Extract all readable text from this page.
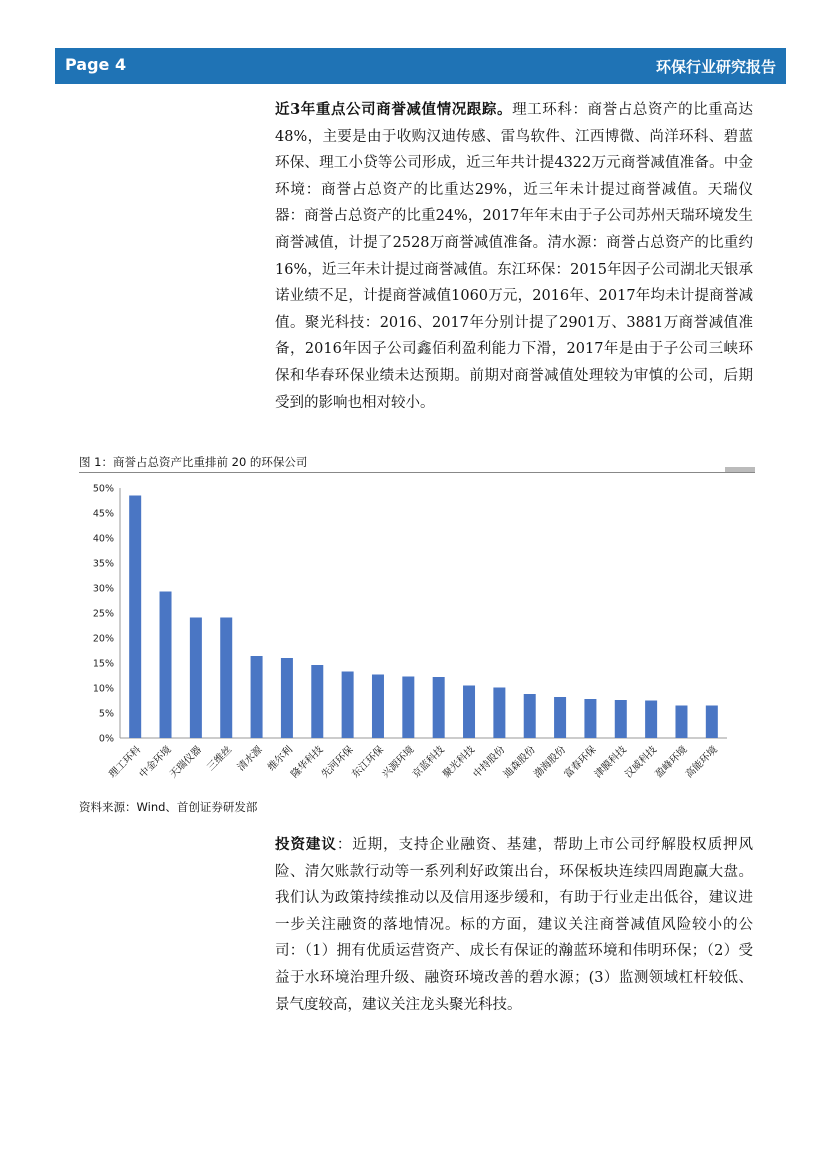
Page 4	环保行业研究报告
近3年重点公司商誉减值情况跟踪。理工环科：商誉占总资产的比重高达48%，主要是由于收购汉迪传感、雷鸟软件、江西博微、尚洋环科、碧蓝环保、理工小贷等公司形成，近三年共计提4322万元商誉减值准备。中金环境：商誉占总资产的比重达29%，近三年未计提过商誉减值。天瑞仪器：商誉占总资产的比重24%，2017年年末由于子公司苏州天瑞环境发生商誉减值，计提了2528万商誉减值准备。清水源：商誉占总资产的比重约16%，近三年未计提过商誉减值。东江环保：2015年因子公司湖北天银承诺业绩不足，计提商誉减值1060万元，2016年、2017年均未计提商誉减值。聚光科技：2016、2017年分别计提了2901万、3881万商誉减值准备，2016年因子公司鑫佰利盈利能力下滑，2017年是由于子公司三峡环保和华春环保业绩未达预期。前期对商誉减值处理较为审慎的公司，后期受到的影响也相对较小。
图 1：商誉占总资产比重排前 20 的环保公司
0%
5%
10%
15%
20%
25%
30%
35%
40%
45%
50%
理工环科
中金环境
天瑞仪器 三维丝 清水源 维尔利
隆华科技
先河环保
东江环保
兴源环境
京蓝科技
聚光科技
中持股份
迪森股份
渤海股份
富春环保
津膜科技
汉威科技
盈峰环境
高能环境
资料来源：Wind、首创证券研发部
投资建议：近期，支持企业融资、基建，帮助上市公司纾解股权质押风险、清欠账款行动等一系列利好政策出台，环保板块连续四周跑赢大盘。我们认为政策持续推动以及信用逐步缓和，有助于行业走出低谷，建议进一步关注融资的落地情况。标的方面，建议关注商誉减值风险较小的公司：（1）拥有优质运营资产、成长有保证的瀚蓝环境和伟明环保；（2）受益于水环境治理升级、融资环境改善的碧水源；(3）监测领域杠杆较低、景气度较高，建议关注龙头聚光科技。
